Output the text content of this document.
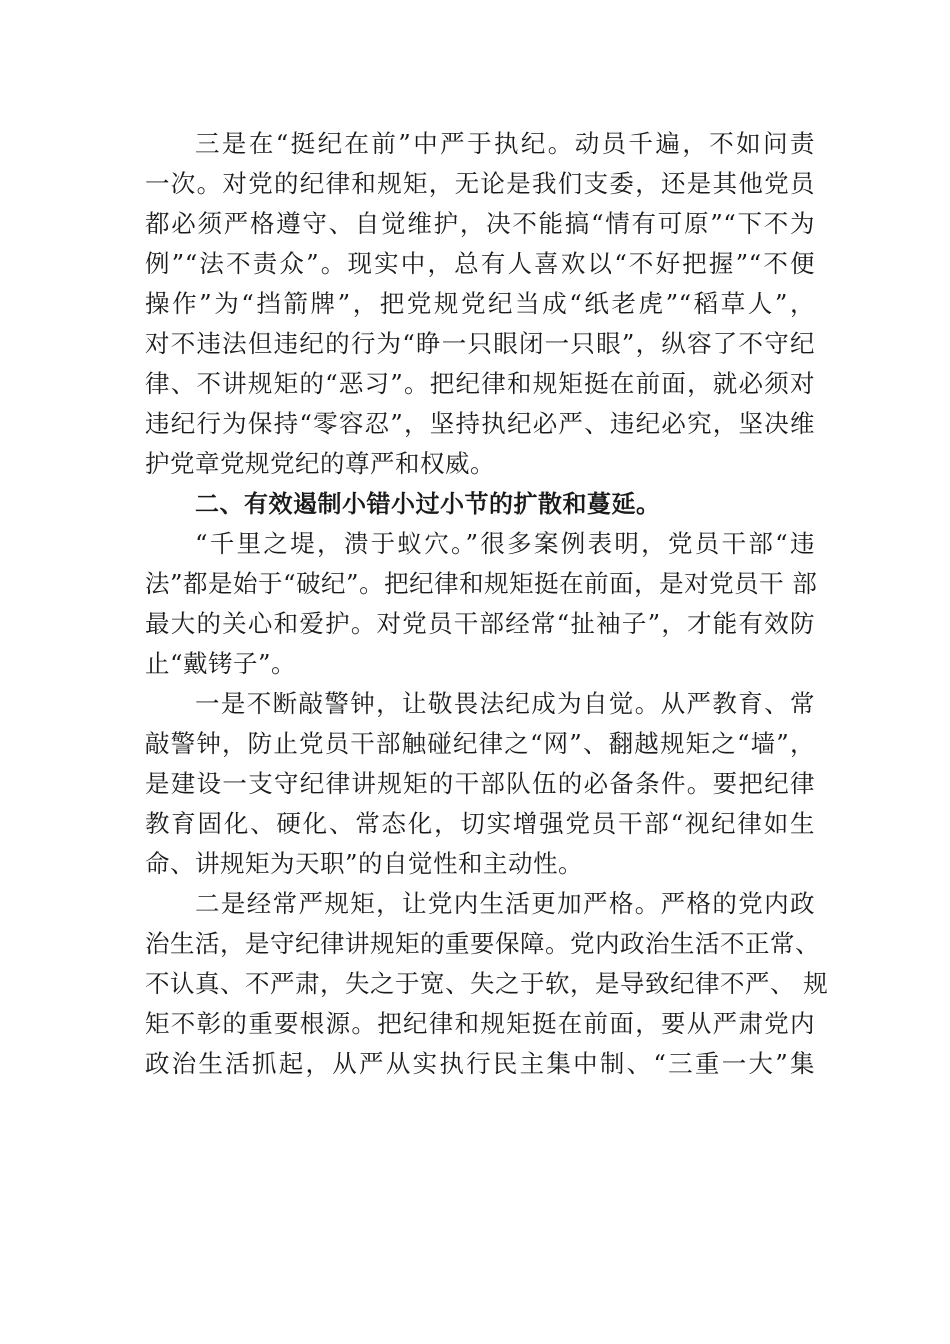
三是在“挺纪在前”中严于执纪。动员千遍，不如问责
一次。对党的纪律和规矩，无论是我们支委，还是其他党员
都必须严格遵守、自觉维护，决不能搞“情有可原”“下不为
例”“法不责众”。现实中，总有人喜欢以“不好把握”“不便
操作”为“挡箭牌”，把党规党纪当成“纸老虎”“稻草人”，
对不违法但违纪的行为“睁一只眼闭一只眼”，纵容了不守纪
律、不讲规矩的“恶习”。把纪律和规矩挺在前面，就必须对
违纪行为保持“零容忍”，坚持执纪必严、违纪必究，坚决维
护党章党规党纪的尊严和权威。
二、有效遏制小错小过小节的扩散和蔓延。
“千里之堤，溃于蚁穴。”很多案例表明，党员干部“违
法”都是始于“破纪”。把纪律和规矩挺在前面，是对党员干 部
最大的关心和爱护。对党员干部经常“扯袖子”，才能有效防
止“戴铐子”。
一是不断敲警钟，让敬畏法纪成为自觉。从严教育、常
敲警钟，防止党员干部触碰纪律之“网”、翻越规矩之“墙”，
是建设一支守纪律讲规矩的干部队伍的必备条件。要把纪律
教育固化、硬化、常态化，切实增强党员干部“视纪律如生
命、讲规矩为天职”的自觉性和主动性。
二是经常严规矩，让党内生活更加严格。严格的党内政
治生活，是守纪律讲规矩的重要保障。党内政治生活不正常、
不认真、不严肃，失之于宽、失之于软，是导致纪律不严、 规
矩不彰的重要根源。把纪律和规矩挺在前面，要从严肃党内
政治生活抓起，从严从实执行民主集中制、“三重一大”集
